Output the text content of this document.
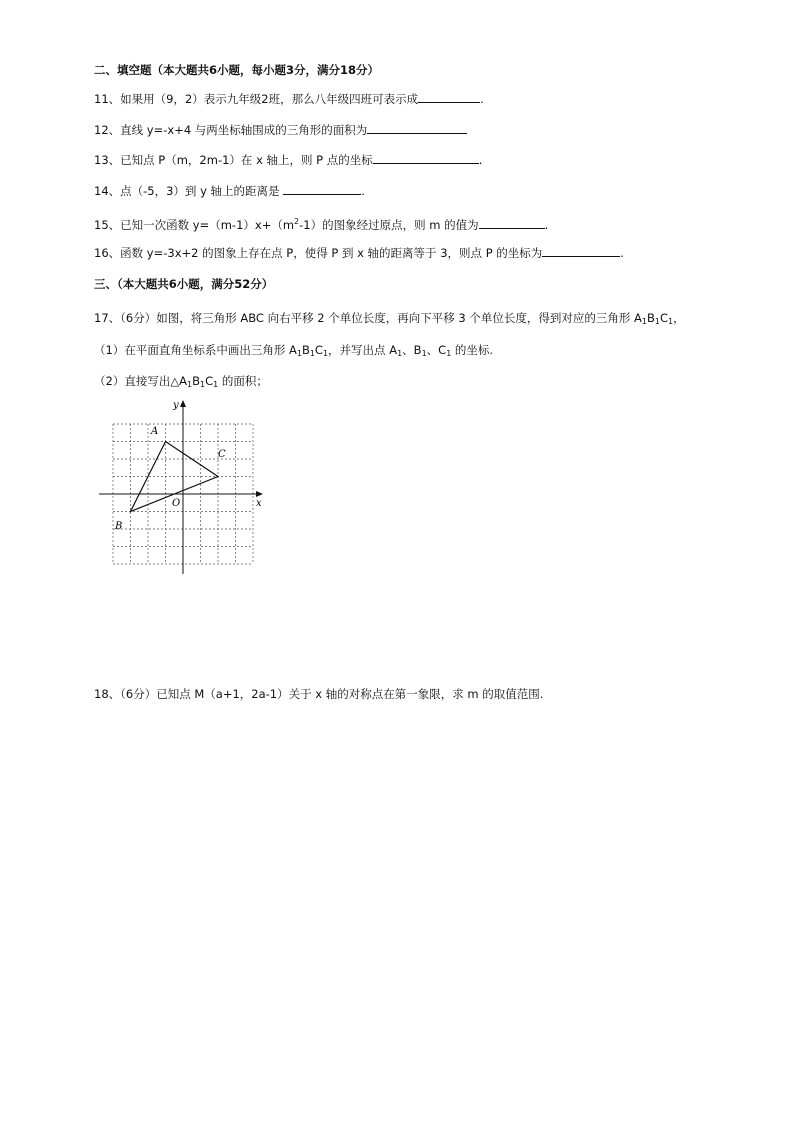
二、填空题（本大题共6小题，每小题3分，满分18分）
11、如果用（9，2）表示九年级2班，那么八年级四班可表示成	.
12、直线 y=-x+4 与两坐标轴围成的三角形的面积为
13、已知点 P（m，2m-1）在 x 轴上，则 P 点的坐标	.
14、点（-5，3）到 y 轴上的距离是	.
15、已知一次函数 $y=(m-1)x+(m^2-1)$的图象经过原点，则 m 的值为	.
16、函数 y=-3x+2 的图象上存在点 P，使得 P 到 x 轴的距离等于 3，则点 P 的坐标为	.
三、（本大题共6小题，满分52分）
17、（6分）如图，将三角形 ABC 向右平移 2 个单位长度，再向下平移 3 个单位长度，得到对应的三角形 $A_1B_1C_1$，
（1）在平面直角坐标系中画出三角形 $A_1B_1C_1$，并写出点 $A_1$、$B_1$、$C_1$ 的坐标.
（2）直接写出$\triangle A_1B_1C_1$ 的面积；
A
B
C
O	x
y
18、（6分）已知点 M（a+1，2a-1）关于 x 轴的对称点在第一象限，求 m 的取值范围.
